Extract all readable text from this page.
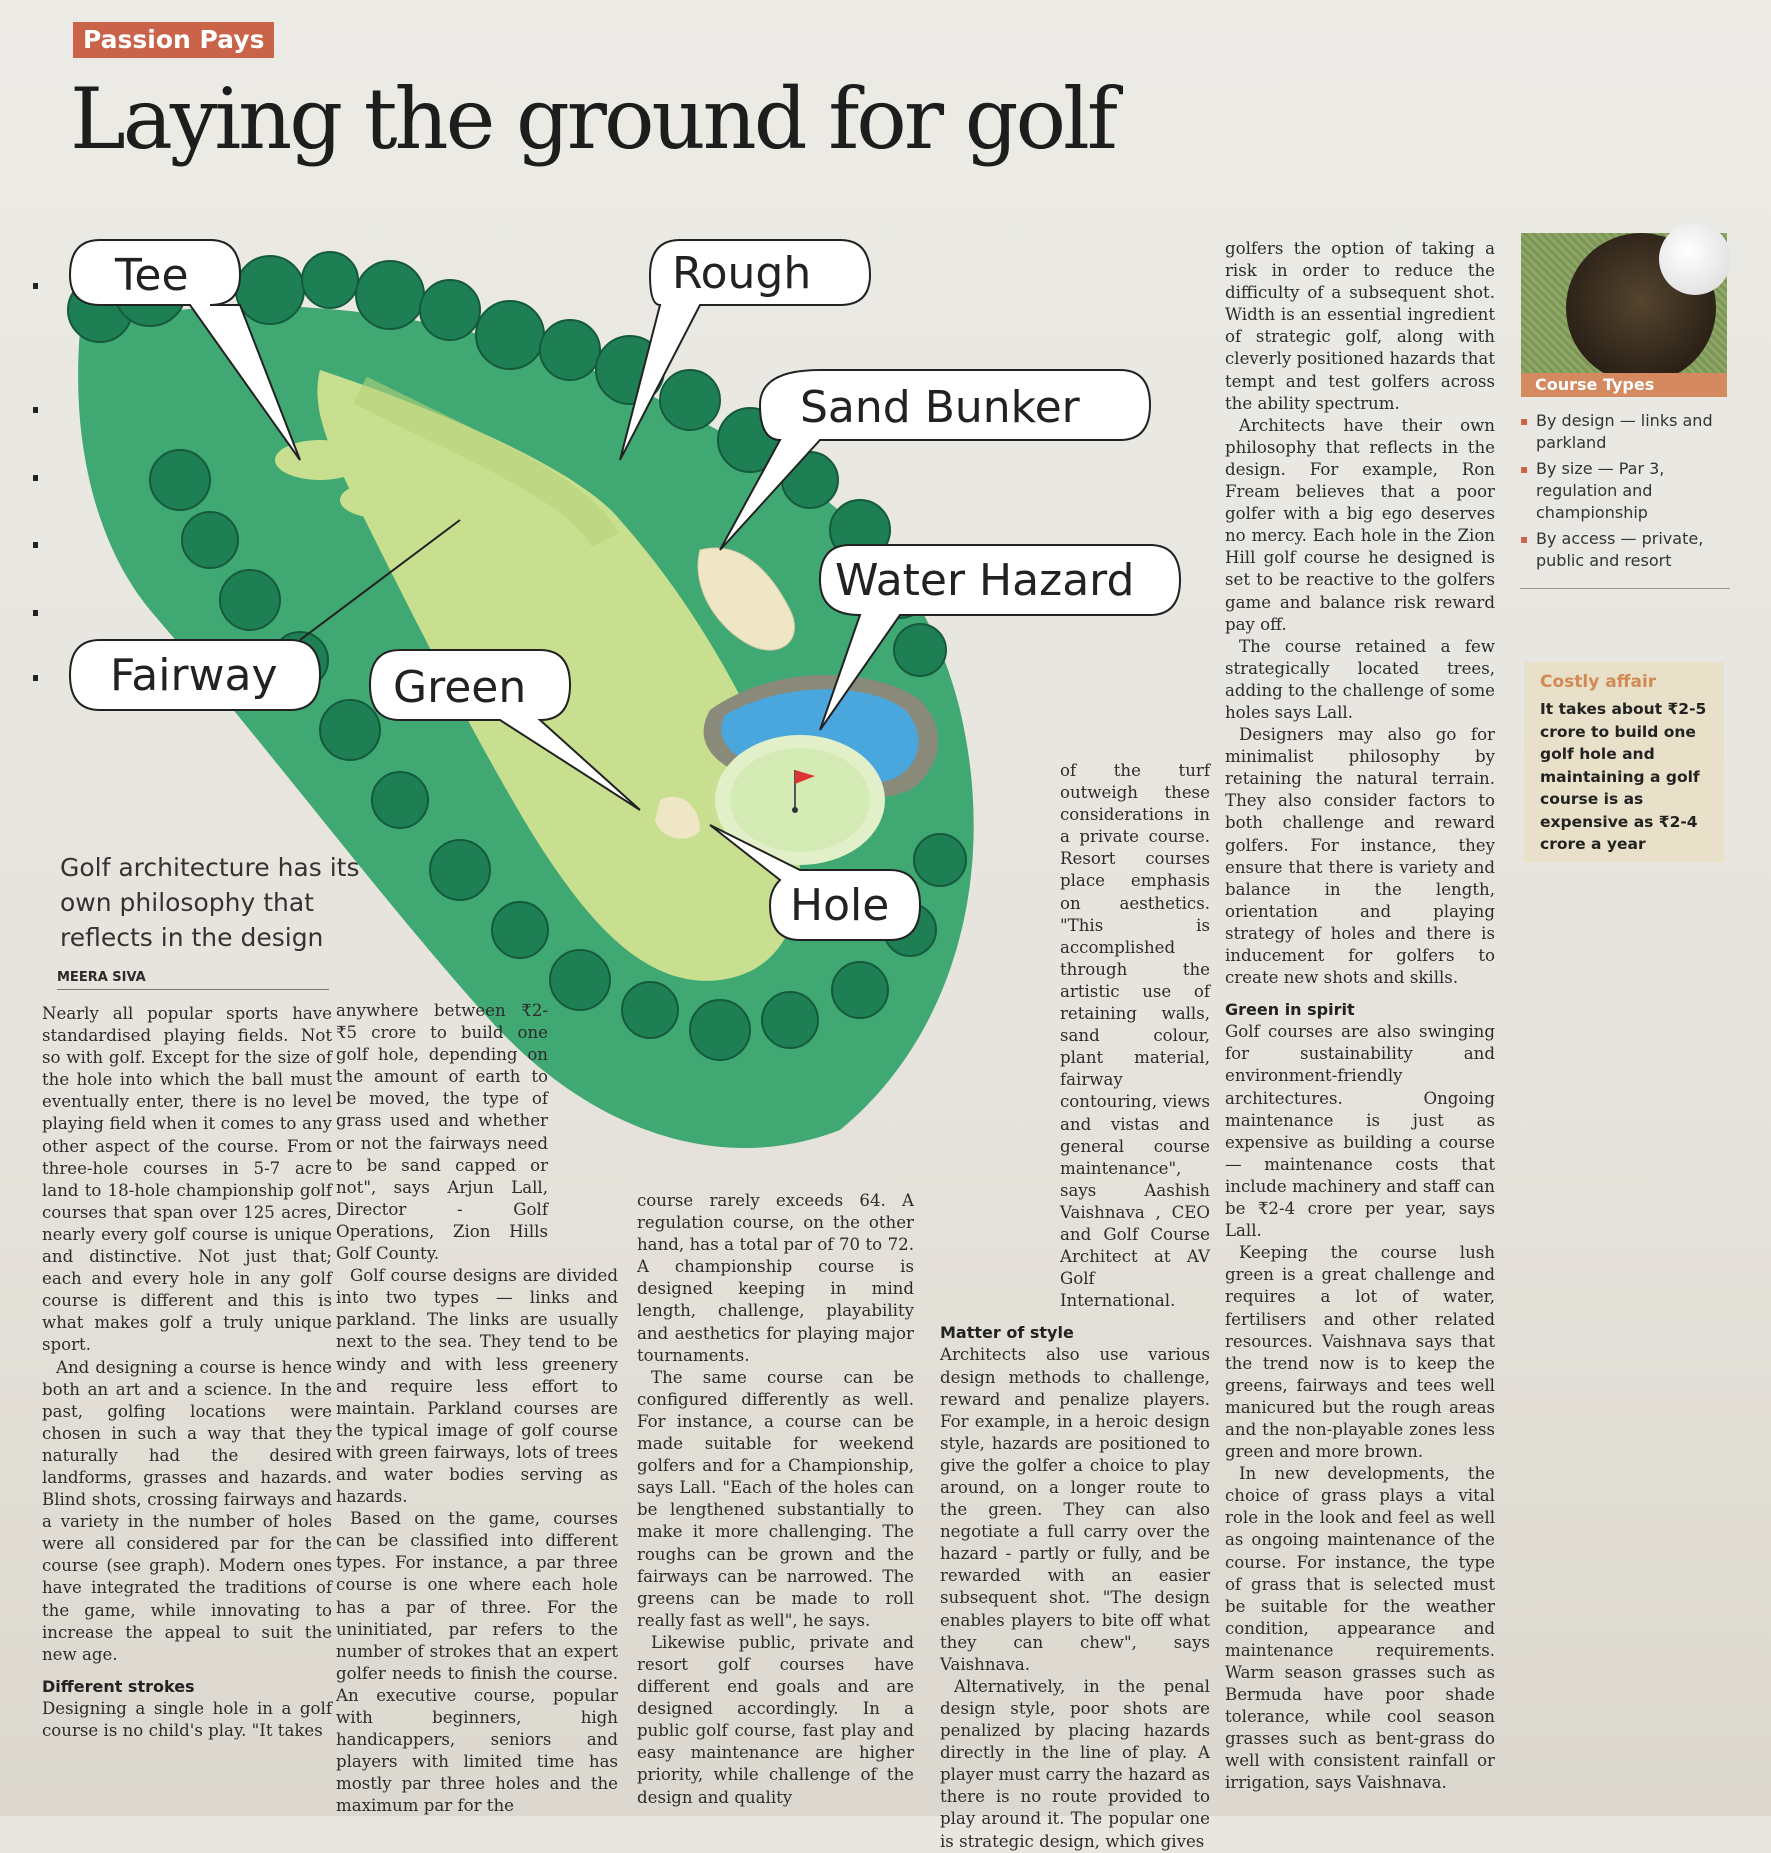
Passion Pays
Laying the ground for golf
Tee	Rough
Sand Bunker
Water Hazard
Fairway	Green
Hole
Golf architecture has its own philosophy that reflects in the design
MEERA SIVA

Nearly all popular sports have standardised playing fields. Not so with golf. Except for the size of the hole into which the ball must eventually enter, there is no level playing field when it comes to any other aspect of the course. From three-hole courses in 5-7 acre land to 18-hole championship golf courses that span over 125 acres, nearly every golf course is unique and distinctive. Not just that; each and every hole in any golf course is different and this is what makes golf a truly unique sport.

And designing a course is hence both an art and a science. In the past, golfing locations were chosen in such a way that they naturally had the desired landforms, grasses and hazards. Blind shots, crossing fairways and a variety in the number of holes were all considered par for the course (see graph). Modern ones have integrated the traditions of the game, while innovating to increase the appeal to suit the new age.

Different strokes

Designing a single hole in a golf course is no child's play. "It takes

anywhere between ₹2-₹5 crore to build one golf hole, depending on the amount of earth to be moved, the type of grass used and whether or not the fairways need to be sand capped or not", says Arjun Lall, Director - Golf Operations, Zion Hills Golf County.

Golf course designs are divided into two types — links and parkland. The links are usually next to the sea. They tend to be windy and with less greenery and require less effort to maintain. Parkland courses are the typical image of golf course with green fairways, lots of trees and water bodies serving as hazards.

Based on the game, courses can be classified into different types. For instance, a par three course is one where each hole has a par of three. For the uninitiated, par refers to the number of strokes that an expert golfer needs to finish the course. An executive course, popular with beginners, high handicappers, seniors and players with limited time has mostly par three holes and the maximum par for the

course rarely exceeds 64. A regulation course, on the other hand, has a total par of 70 to 72. A championship course is designed keeping in mind length, challenge, playability and aesthetics for playing major tournaments.

The same course can be configured differently as well. For instance, a course can be made suitable for weekend golfers and for a Championship, says Lall. "Each of the holes can be lengthened substantially to make it more challenging. The roughs can be grown and the fairways can be narrowed. The greens can be made to roll really fast as well", he says.

Likewise public, private and resort golf courses have different end goals and are designed accordingly. In a public golf course, fast play and easy maintenance are higher priority, while challenge of the design and quality

of the turf outweigh these considerations in a private course. Resort courses place emphasis on aesthetics. "This is accomplished through the artistic use of retaining walls, sand colour, plant material, fairway contouring, views and vistas and general course maintenance", says Aashish Vaishnava , CEO and Golf Course Architect at AV Golf International.

Matter of style

Architects also use various design methods to challenge, reward and penalize players. For example, in a heroic design style, hazards are positioned to give the golfer a choice to play around, on a longer route to the green. They can also negotiate a full carry over the hazard - partly or fully, and be rewarded with an easier subsequent shot. "The design enables players to bite off what they can chew", says Vaishnava.

Alternatively, in the penal design style, poor shots are penalized by placing hazards directly in the line of play. A player must carry the hazard as there is no route provided to play around it. The popular one is strategic design, which gives

golfers the option of taking a risk in order to reduce the difficulty of a subsequent shot. Width is an essential ingredient of strategic golf, along with cleverly positioned hazards that tempt and test golfers across the ability spectrum.

Architects have their own philosophy that reflects in the design. For example, Ron Fream believes that a poor golfer with a big ego deserves no mercy. Each hole in the Zion Hill golf course he designed is set to be reactive to the golfers game and balance risk reward pay off.

The course retained a few strategically located trees, adding to the challenge of some holes says Lall.

Designers may also go for minimalist philosophy by retaining the natural terrain. They also consider factors to both challenge and reward golfers. For instance, they ensure that there is variety and balance in the length, orientation and playing strategy of holes and there is inducement for golfers to create new shots and skills.

Green in spirit

Golf courses are also swinging for sustainability and environment-friendly architectures. Ongoing maintenance is just as expensive as building a course — maintenance costs that include machinery and staff can be ₹2-4 crore per year, says Lall.

Keeping the course lush green is a great challenge and requires a lot of water, fertilisers and other related resources. Vaishnava says that the trend now is to keep the greens, fairways and tees well manicured but the rough areas and the non-playable zones less green and more brown.

In new developments, the choice of grass plays a vital role in the look and feel as well as ongoing maintenance of the course. For instance, the type of grass that is selected must be suitable for the weather condition, appearance and maintenance requirements. Warm season grasses such as Bermuda have poor shade tolerance, while cool season grasses such as bent-grass do well with consistent rainfall or irrigation, says Vaishnava.

Course Types
▪ By design — links and parkland
▪ By size — Par 3, regulation and championship
▪ By access — private, public and resort
Costly affair
It takes about ₹2-5 crore to build one golf hole and maintaining a golf course is as expensive as ₹2-4 crore a year
